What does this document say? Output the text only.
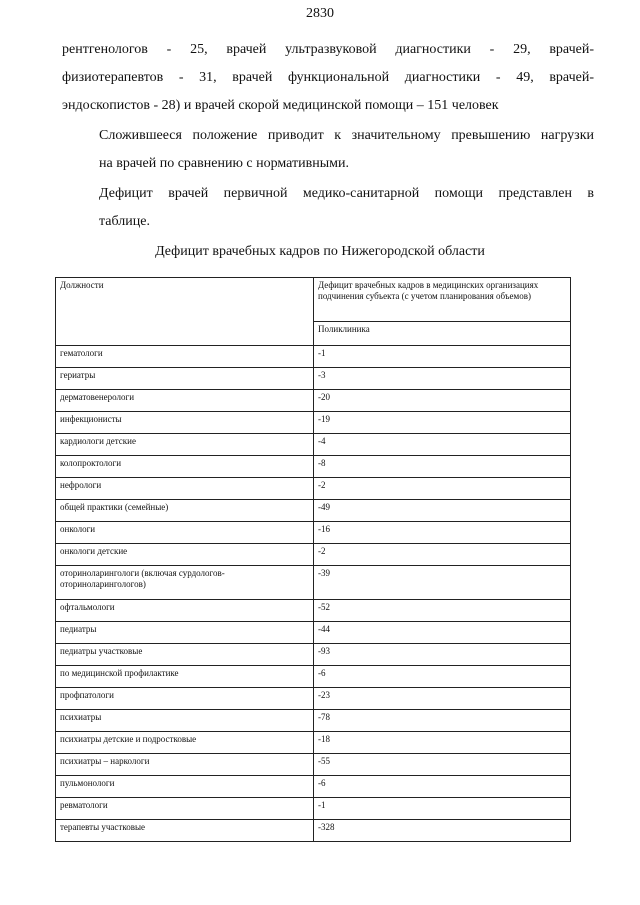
2830

рентгенологов - 25, врачей ультразвуковой диагностики - 29, врачей-
физиотерапевтов - 31, врачей функциональной диагностики - 49, врачей-
эндоскопистов - 28) и врачей скорой медицинской помощи – 151 человек

Сложившееся положение приводит к значительному превышению нагрузки
на врачей по сравнению с нормативными.

Дефицит врачей первичной медико-санитарной помощи представлен в
таблице.

Дефицит врачебных кадров по Нижегородской области
Должности	Дефицит врачебных кадров в медицинских организациях подчинения субъекта (с учетом планирования объемов)
	Поликлиника
гематологи	-1
гериатры	-3
дерматовенерологи	-20
инфекционисты	-19
кардиологи детские	-4
колопроктологи	-8
нефрологи	-2
общей практики (семейные)	-49
онкологи	-16
онкологи детские	-2
оториноларингологи (включая сурдологов-оториноларингологов)	-39
офтальмологи	-52
педиатры	-44
педиатры участковые	-93
по медицинской профилактике	-6
профпатологи	-23
психиатры	-78
психиатры детские и подростковые	-18
психиатры – наркологи	-55
пульмонологи	-6
ревматологи	-1
терапевты участковые	-328
